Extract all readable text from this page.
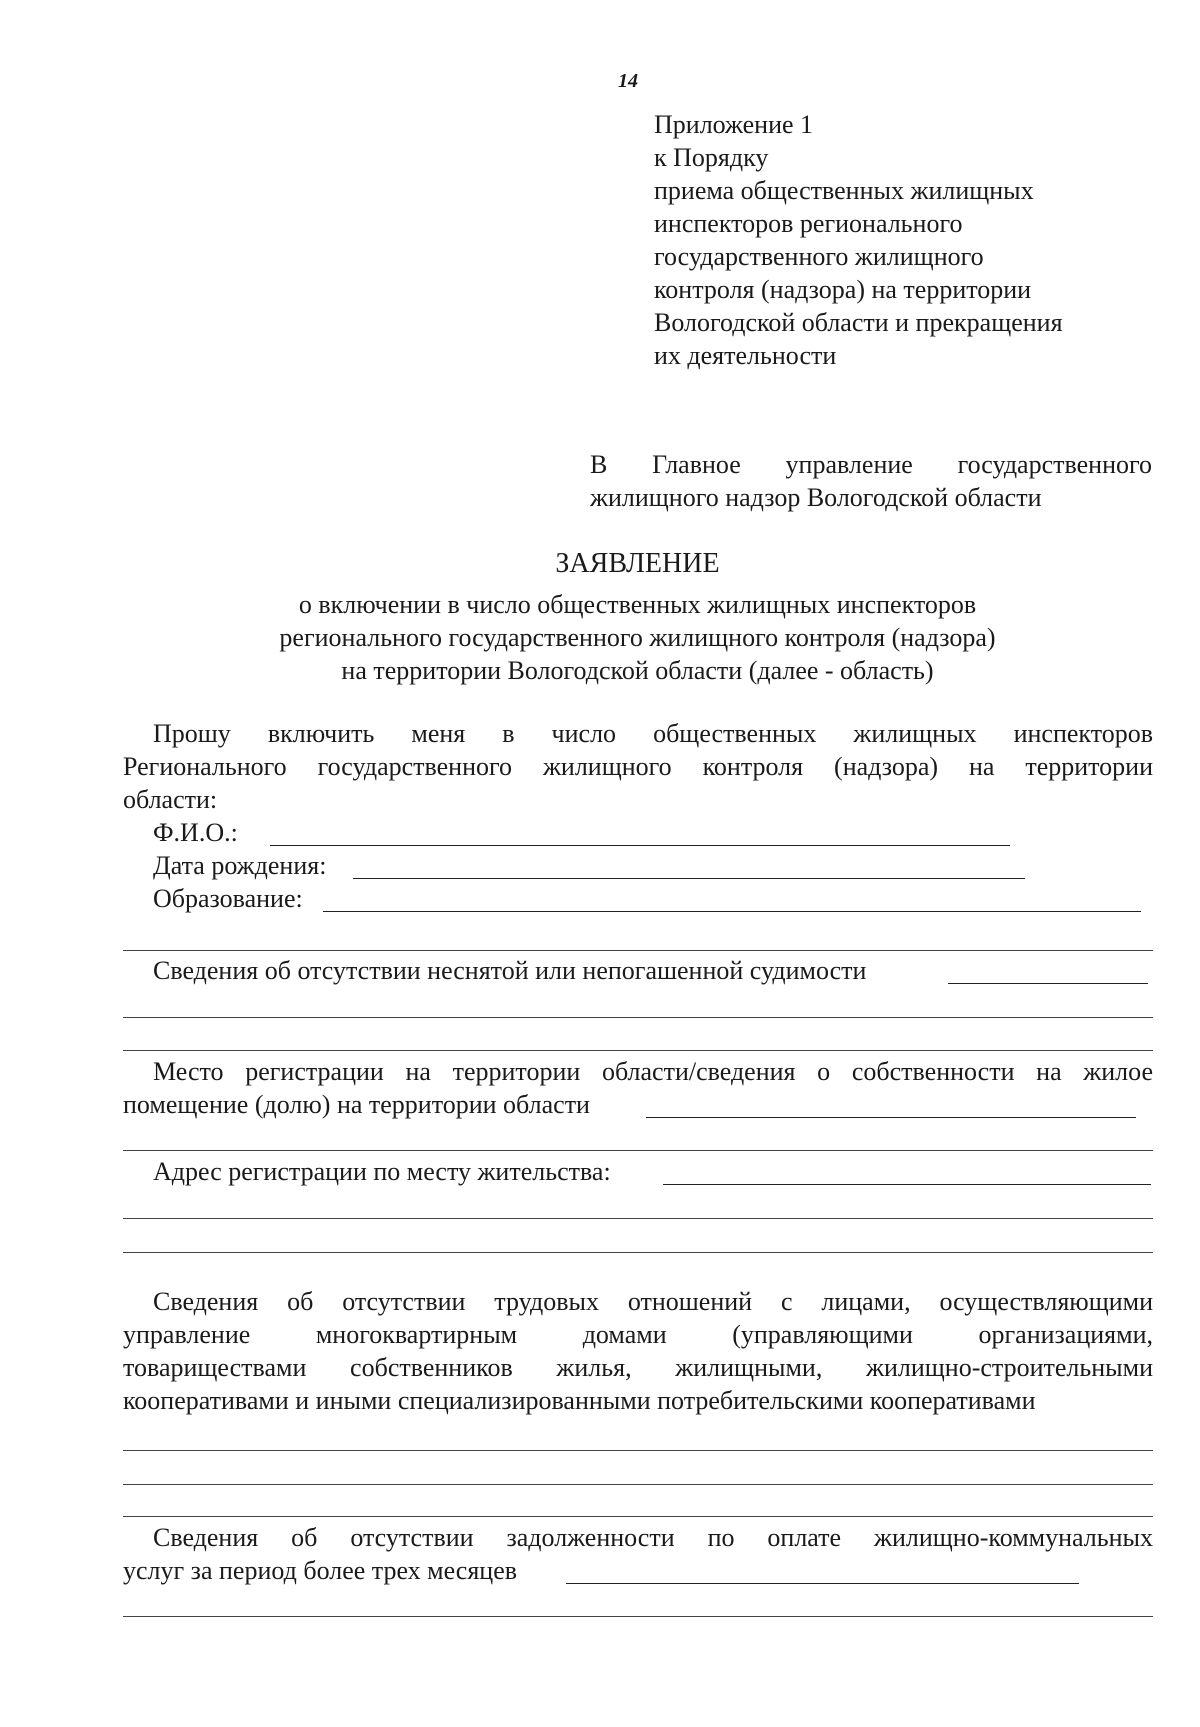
14
Приложение 1
к Порядку
приема общественных жилищных
инспекторов регионального
государственного жилищного
контроля (надзора) на территории
Вологодской области и прекращения
их деятельности
В Главное управление государственного
жилищного надзор Вологодской области
ЗАЯВЛЕНИЕ
о включении в число общественных жилищных инспекторов
регионального государственного жилищного контроля (надзора)
на территории Вологодской области (далее - область)
Прошу включить меня в число общественных жилищных инспекторов
Регионального государственного жилищного контроля (надзора) на территории
области:
Ф.И.О.:
Дата рождения:
Образование:
Сведения об отсутствии неснятой или непогашенной судимости
Место регистрации на территории области/сведения о собственности на жилое
помещение (долю) на территории области
Адрес регистрации по месту жительства:
Сведения об отсутствии трудовых отношений с лицами, осуществляющими
управление многоквартирным домами (управляющими организациями,
товариществами собственников жилья, жилищными, жилищно-строительными
кооперативами и иными специализированными потребительскими кооперативами
Сведения об отсутствии задолженности по оплате жилищно-коммунальных
услуг за период более трех месяцев
